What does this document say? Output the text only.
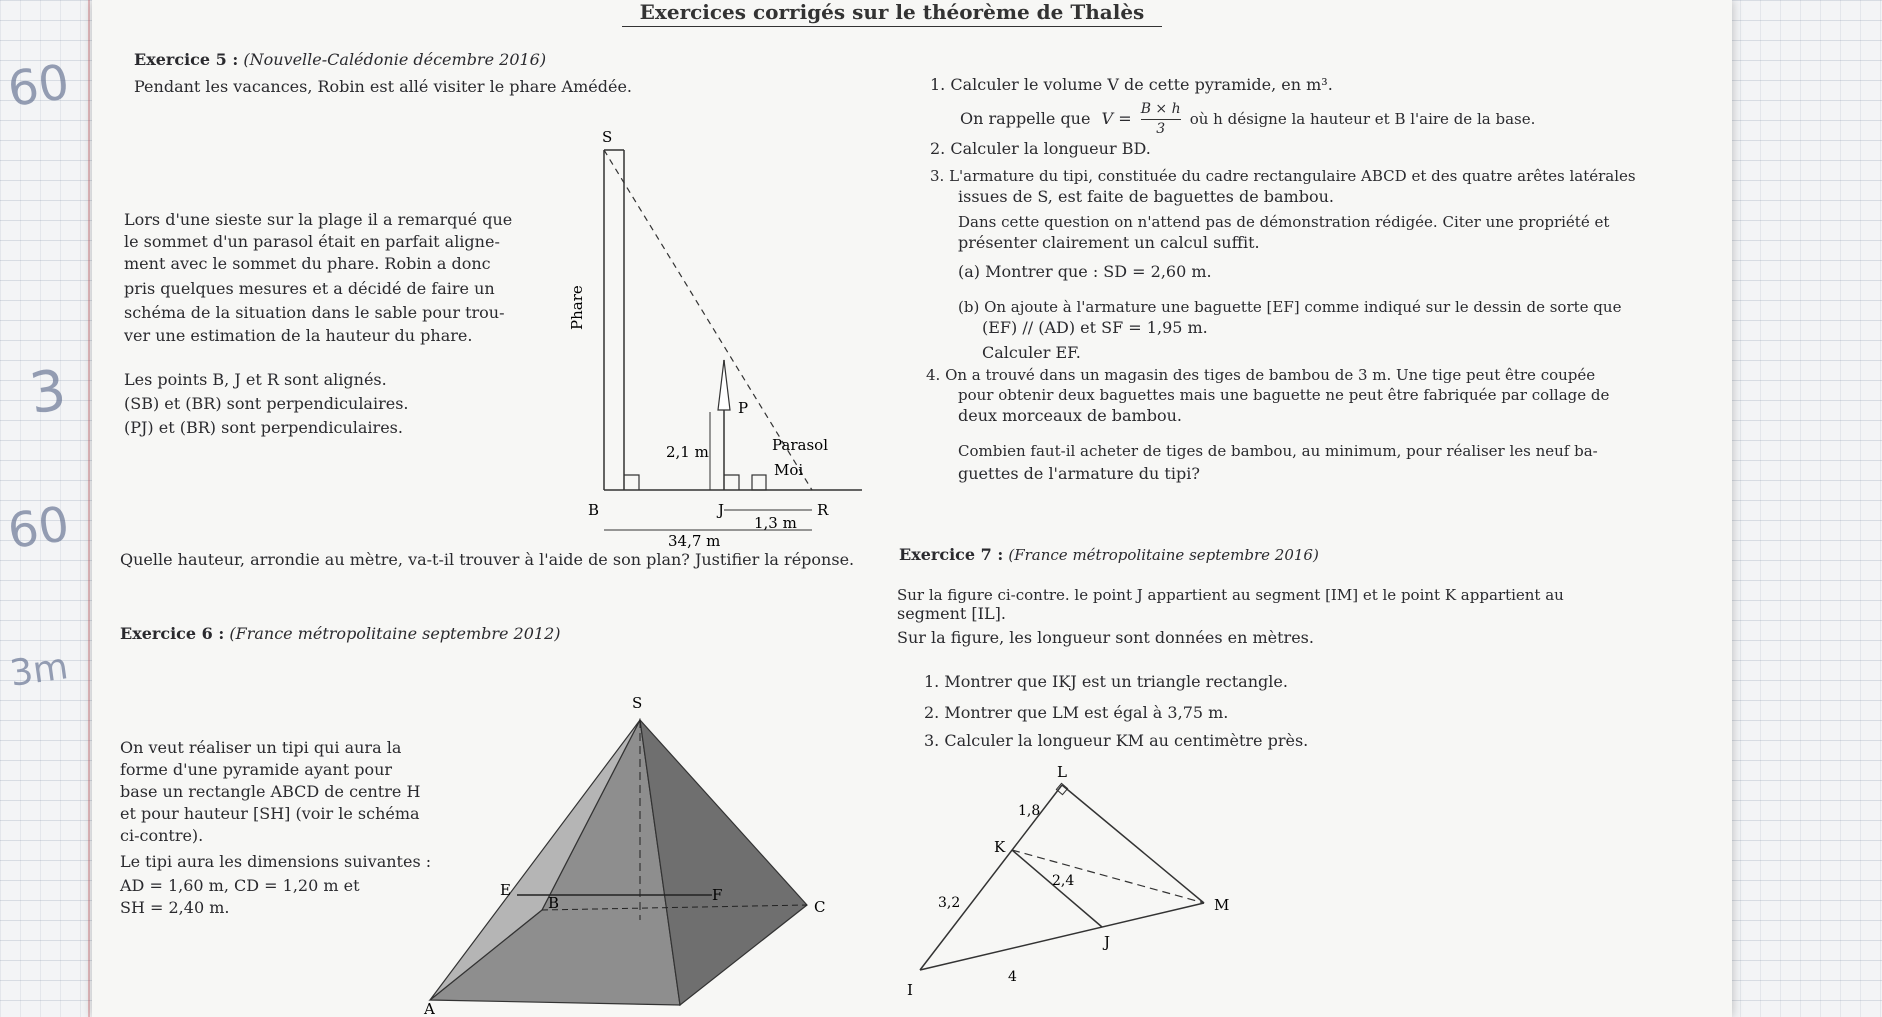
60
3
60
3m
Exercices corrigés sur le théorème de Thalès
Exercice 5 : (Nouvelle-Calédonie décembre 2016)
Pendant les vacances, Robin est allé visiter le phare Amédée.
Lors d'une sieste sur la plage il a remarqué que
le sommet d'un parasol était en parfait aligne-
ment avec le sommet du phare. Robin a donc
pris quelques mesures et a décidé de faire un
schéma de la situation dans le sable pour trou-
ver une estimation de la hauteur du phare.
Les points B, J et R sont alignés.
(SB) et (BR) sont perpendiculaires.
(PJ) et (BR) sont perpendiculaires.
Quelle hauteur, arrondie au mètre, va-t-il trouver à l'aide de son plan? Justifier la réponse.
S
P
B	J	R
Phare
Parasol
Moi
2,1 m
1,3 m
34,7 m
1. Calculer le volume V de cette pyramide, en m³.
On rappelle que $V = \frac{B \times h}{3}$ où h désigne la hauteur et B l'aire de la base.
2. Calculer la longueur BD.
3. L'armature du tipi, constituée du cadre rectangulaire ABCD et des quatre arêtes latérales
issues de S, est faite de baguettes de bambou.
Dans cette question on n'attend pas de démonstration rédigée. Citer une propriété et
présenter clairement un calcul suffit.
(a) Montrer que : SD = 2,60 m.
(b) On ajoute à l'armature une baguette [EF] comme indiqué sur le dessin de sorte que
(EF) // (AD) et SF = 1,95 m.
Calculer EF.
4. On a trouvé dans un magasin des tiges de bambou de 3 m. Une tige peut être coupée
pour obtenir deux baguettes mais une baguette ne peut être fabriquée par collage de
deux morceaux de bambou.
Combien faut-il acheter de tiges de bambou, au minimum, pour réaliser les neuf ba-
guettes de l'armature du tipi?
Exercice 6 : (France métropolitaine septembre 2012)
On veut réaliser un tipi qui aura la
forme d'une pyramide ayant pour
base un rectangle ABCD de centre H
et pour hauteur [SH] (voir le schéma
ci-contre).
Le tipi aura les dimensions suivantes :
AD = 1,60 m, CD = 1,20 m et
SH = 2,40 m.
S
E
B	F
C
A
Exercice 7 : (France métropolitaine septembre 2016)
Sur la figure ci-contre. le point J appartient au segment [IM] et le point K appartient au
segment [IL].
Sur la figure, les longueur sont données en mètres.
1. Montrer que IKJ est un triangle rectangle.
2. Montrer que LM est égal à 3,75 m.
3. Calculer la longueur KM au centimètre près.
L
K
M
J
I
1,8
2,4
3,2
4
